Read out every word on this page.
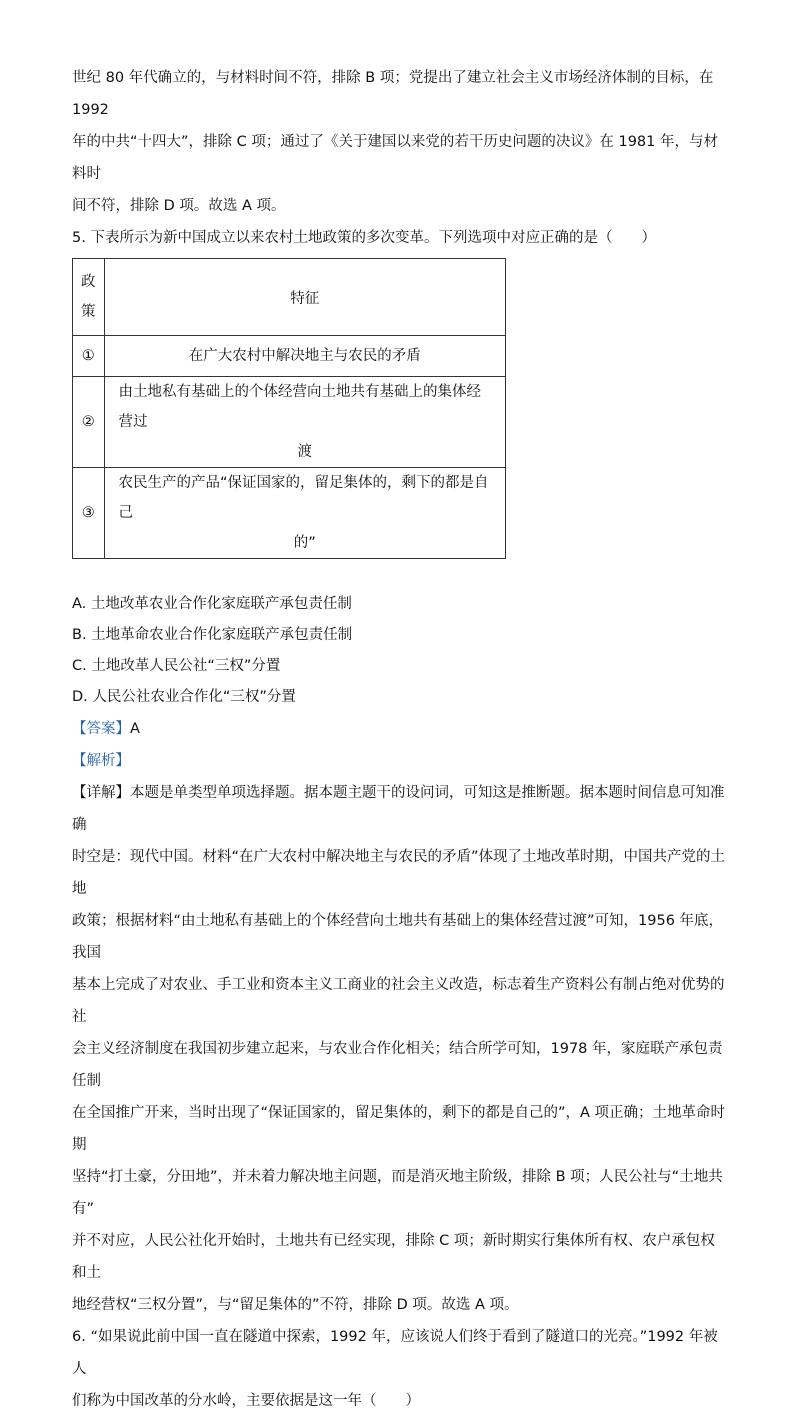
世纪 80 年代确立的，与材料时间不符，排除 B 项；党提出了建立社会主义市场经济体制的目标，在 1992

年的中共“十四大”，排除 C 项；通过了《关于建国以来党的若干历史问题的决议》在 1981 年，与材料时

间不符，排除 D 项。故选 A 项。

5. 下表所示为新中国成立以来农村土地政策的多次变革。下列选项中对应正确的是（　　）

政
策	特征
①	在广大农村中解决地主与农民的矛盾

②	由土地私有基础上的个体经营向土地共有基础上的集体经营过
渡

③	农民生产的产品“保证国家的，留足集体的，剩下的都是自己
的”
A. 土地改革农业合作化家庭联产承包责任制
B. 土地革命农业合作化家庭联产承包责任制
C. 土地改革人民公社“三权”分置
D. 人民公社农业合作化“三权”分置

【答案】A

【解析】

【详解】本题是单类型单项选择题。据本题主题干的设问词，可知这是推断题。据本题时间信息可知准确

时空是：现代中国。材料“在广大农村中解决地主与农民的矛盾”体现了土地改革时期，中国共产党的土地

政策；根据材料“由土地私有基础上的个体经营向土地共有基础上的集体经营过渡”可知，1956 年底，我国

基本上完成了对农业、手工业和资本主义工商业的社会主义改造，标志着生产资料公有制占绝对优势的社

会主义经济制度在我国初步建立起来，与农业合作化相关；结合所学可知，1978 年，家庭联产承包责任制

在全国推广开来，当时出现了“保证国家的，留足集体的，剩下的都是自己的”，A 项正确；土地革命时期

坚持“打土豪，分田地”，并未着力解决地主问题，而是消灭地主阶级，排除 B 项；人民公社与“土地共有”

并不对应，人民公社化开始时，土地共有已经实现，排除 C 项；新时期实行集体所有权、农户承包权和土

地经营权“三权分置”，与“留足集体的”不符，排除 D 项。故选 A 项。

6. “如果说此前中国一直在隧道中探索，1992 年，应该说人们终于看到了隧道口的光亮。”1992 年被人

们称为中国改革的分水岭，主要依据是这一年（　　）
